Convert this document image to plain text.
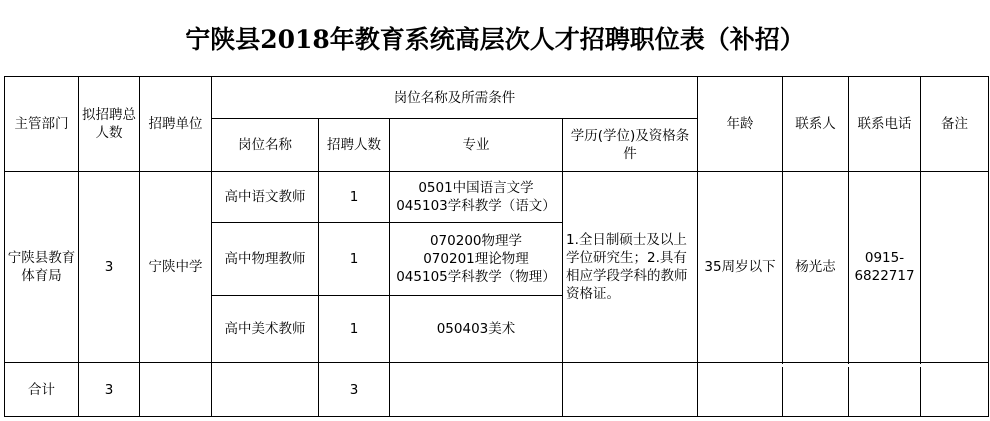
宁陕县2018年教育系统高层次人才招聘职位表（补招）
主管部门	拟招聘总人数	招聘单位	岗位名称及所需条件				年龄	联系人	联系电话	备注
			岗位名称	招聘人数	专业	学历(学位)及资格条件				
宁陕县教育体育局	3	宁陕中学	高中语文教师	1	0501中国语言文学
045103学科教学（语文）	1.全日制硕士及以上学位研究生；2.具有相应学段学科的教师资格证。	35周岁以下	杨光志	0915-6822717	
			高中物理教师	1	070200物理学
070201理论物理
045105学科教学（物理）					

			高中美术教师	1	050403美术					

合计	3			3						
